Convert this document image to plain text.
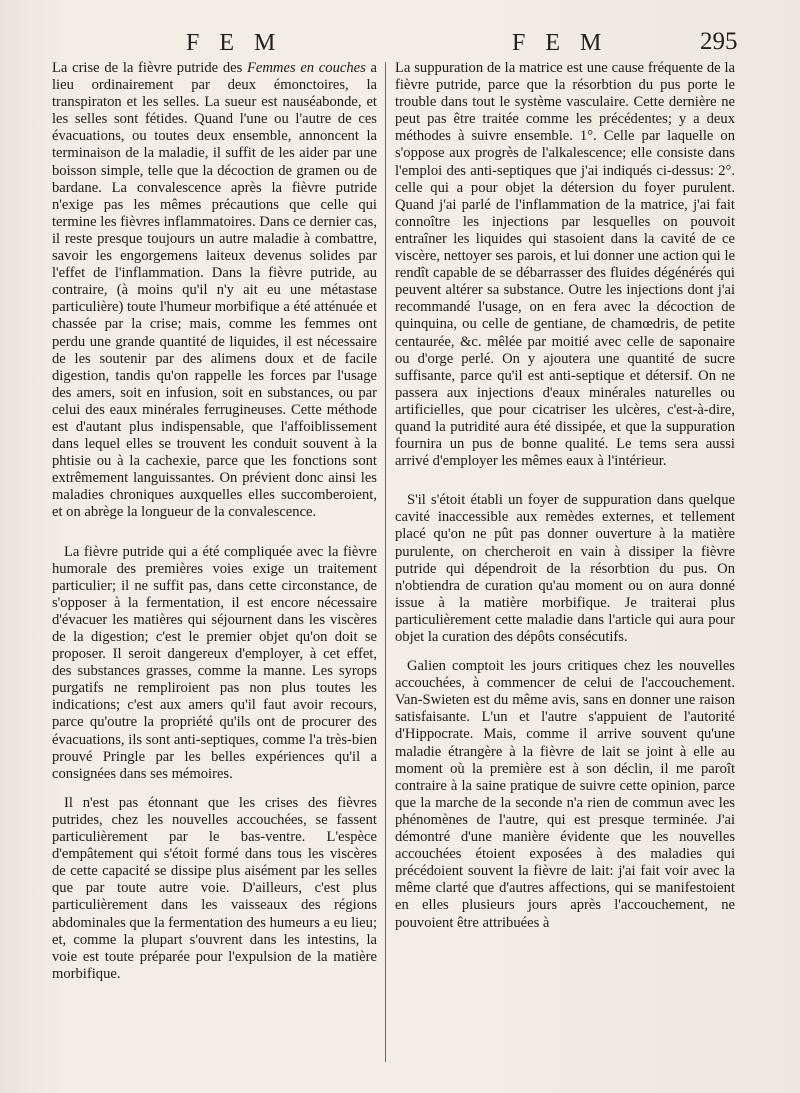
F E M	F E M	295

La crise de la fièvre putride des Femmes en couches a lieu ordinairement par deux émonctoires, la transpiraton et les selles. La sueur est nauséabonde, et les selles sont fétides. Quand l'une ou l'autre de ces évacuations, ou toutes deux ensemble, annoncent la terminaison de la maladie, il suffit de les aider par une boisson simple, telle que la décoction de gramen ou de bardane. La convalescence après la fièvre putride n'exige pas les mêmes précautions que celle qui termine les fièvres inflammatoires. Dans ce dernier cas, il reste presque toujours un autre maladie à combattre, savoir les engorgemens laiteux devenus solides par l'effet de l'inflammation. Dans la fièvre putride, au contraire, (à moins qu'il n'y ait eu une métastase particulière) toute l'humeur morbifique a été atténuée et chassée par la crise; mais, comme les femmes ont perdu une grande quantité de liquides, il est nécessaire de les soutenir par des alimens doux et de facile digestion, tandis qu'on rappelle les forces par l'usage des amers, soit en infusion, soit en substances, ou par celui des eaux minérales ferrugineuses. Cette méthode est d'autant plus indispensable, que l'affoiblissement dans lequel elles se trouvent les conduit souvent à la phtisie ou à la cachexie, parce que les fonctions sont extrêmement languissantes. On prévient donc ainsi les maladies chroniques auxquelles elles succomberoient, et on abrège la longueur de la convalescence.

La fièvre putride qui a été compliquée avec la fièvre humorale des premières voies exige un traitement particulier; il ne suffit pas, dans cette circonstance, de s'opposer à la fermentation, il est encore nécessaire d'évacuer les matières qui séjournent dans les viscères de la digestion; c'est le premier objet qu'on doit se proposer. Il seroit dangereux d'employer, à cet effet, des substances grasses, comme la manne. Les syrops purgatifs ne rempliroient pas non plus toutes les indications; c'est aux amers qu'il faut avoir recours, parce qu'outre la propriété qu'ils ont de procurer des évacuations, ils sont anti-septiques, comme l'a très-bien prouvé Pringle par les belles expériences qu'il a consignées dans ses mémoires.

Il n'est pas étonnant que les crises des fièvres putrides, chez les nouvelles accouchées, se fassent particulièrement par le bas-ventre. L'espèce d'empâtement qui s'étoit formé dans tous les viscères de cette capacité se dissipe plus aisément par les selles que par toute autre voie. D'ailleurs, c'est plus particulièrement dans les vaisseaux des régions abdominales que la fermentation des humeurs a eu lieu; et, comme la plupart s'ouvrent dans les intestins, la voie est toute préparée pour l'expulsion de la matière morbifique.

La suppuration de la matrice est une cause fréquente de la fièvre putride, parce que la résorbtion du pus porte le trouble dans tout le système vasculaire. Cette dernière ne peut pas être traitée comme les précédentes; y a deux méthodes à suivre ensemble. 1°. Celle par laquelle on s'oppose aux progrès de l'alkalescence; elle consiste dans l'emploi des anti-septiques que j'ai indiqués ci-dessus: 2°. celle qui a pour objet la détersion du foyer purulent. Quand j'ai parlé de l'inflammation de la matrice, j'ai fait connoître les injections par lesquelles on pouvoit entraîner les liquides qui stasoient dans la cavité de ce viscère, nettoyer ses parois, et lui donner une action qui le rendît capable de se débarrasser des fluides dégénérés qui peuvent altérer sa substance. Outre les injections dont j'ai recommandé l'usage, on en fera avec la décoction de quinquina, ou celle de gentiane, de chamœdris, de petite centaurée, &c. mêlée par moitié avec celle de saponaire ou d'orge perlé. On y ajoutera une quantité de sucre suffisante, parce qu'il est anti-septique et détersif. On ne passera aux injections d'eaux minérales naturelles ou artificielles, que pour cicatriser les ulcères, c'est-à-dire, quand la putridité aura été dissipée, et que la suppuration fournira un pus de bonne qualité. Le tems sera aussi arrivé d'employer les mêmes eaux à l'intérieur.

S'il s'étoit établi un foyer de suppuration dans quelque cavité inaccessible aux remèdes externes, et tellement placé qu'on ne pût pas donner ouverture à la matière purulente, on chercheroit en vain à dissiper la fièvre putride qui dépendroit de la résorbtion du pus. On n'obtiendra de curation qu'au moment ou on aura donné issue à la matière morbifique. Je traiterai plus particulièrement cette maladie dans l'article qui aura pour objet la curation des dépôts consécutifs.

Galien comptoit les jours critiques chez les nouvelles accouchées, à commencer de celui de l'accouchement. Van-Swieten est du même avis, sans en donner une raison satisfaisante. L'un et l'autre s'appuient de l'autorité d'Hippocrate. Mais, comme il arrive souvent qu'une maladie étrangère à la fièvre de lait se joint à elle au moment où la première est à son déclin, il me paroît contraire à la saine pratique de suivre cette opinion, parce que la marche de la seconde n'a rien de commun avec les phénomènes de l'autre, qui est presque terminée. J'ai démontré d'une manière évidente que les nouvelles accouchées étoient exposées à des maladies qui précédoient souvent la fièvre de lait: j'ai fait voir avec la même clarté que d'autres affections, qui se manifestoient en elles plusieurs jours après l'accouchement, ne pouvoient être attribuées à
